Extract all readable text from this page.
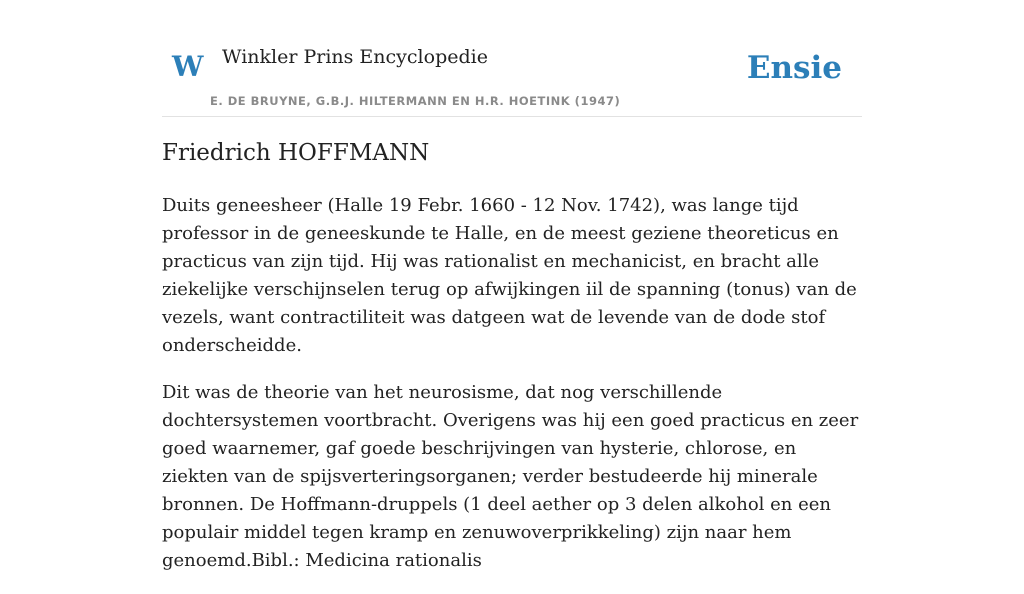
W Winkler Prins Encyclopedie
E. DE BRUYNE, G.B.J. HILTERMANN EN H.R. HOETINK (1947)
Ensie
Friedrich HOFFMANN

Duits geneesheer (Halle 19 Febr. 1660 - 12 Nov. 1742), was lange tijd professor in de geneeskunde te Halle, en de meest geziene theoreticus en practicus van zijn tijd. Hij was rationalist en mechanicist, en bracht alle ziekelijke verschijnselen terug op afwijkingen iil de spanning (tonus) van de vezels, want contractiliteit was datgeen wat de levende van de dode stof onderscheidde.

Dit was de theorie van het neurosisme, dat nog verschillende dochtersystemen voortbracht. Overigens was hij een goed practicus en zeer goed waarnemer, gaf goede beschrijvingen van hysterie, chlorose, en ziekten van de spijsverteringsorganen; verder bestudeerde hij minerale bronnen. De Hoffmann-druppels (1 deel aether op 3 delen alkohol en een populair middel tegen kramp en zenuwoverprikkeling) zijn naar hem genoemd.Bibl.: Medicina rationalis
